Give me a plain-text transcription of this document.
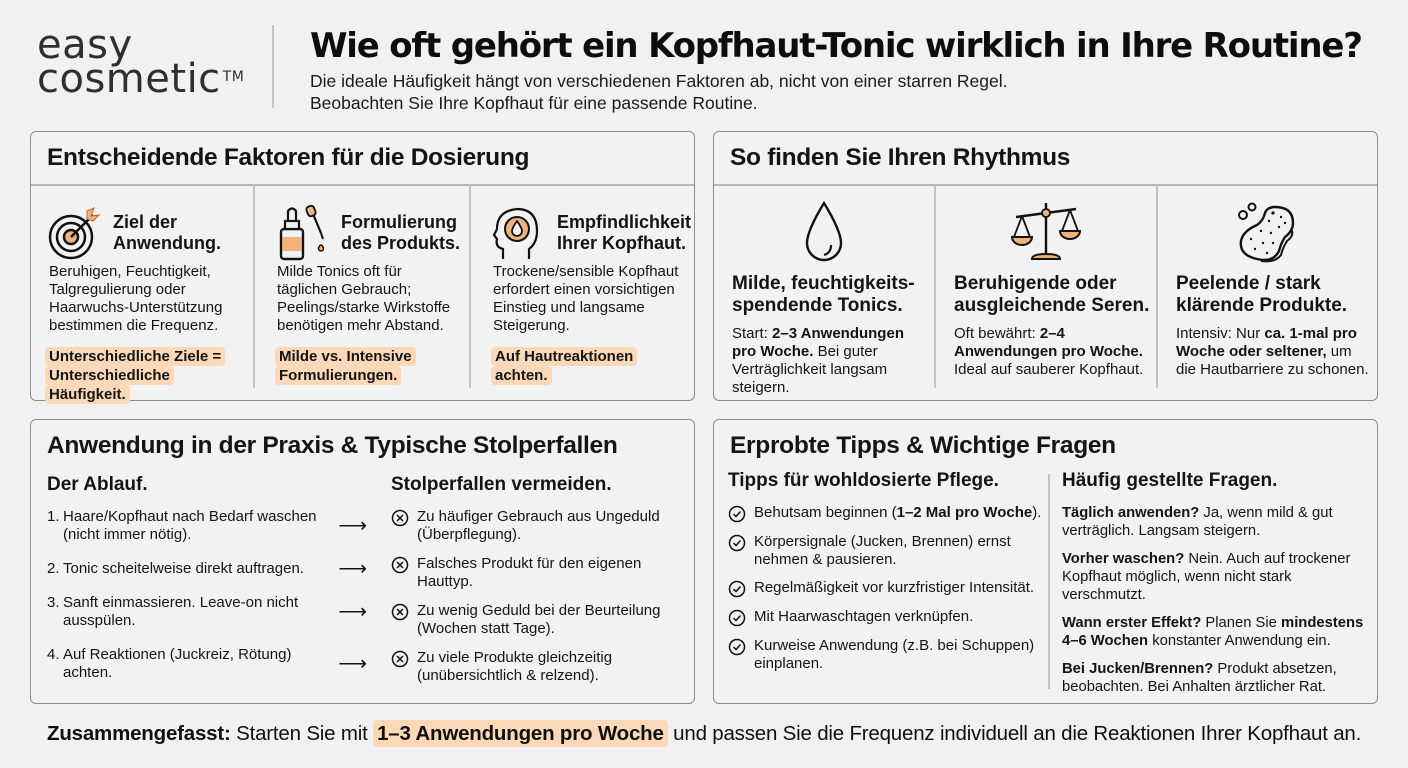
easy
cosmetic ™
Wie oft gehört ein Kopfhaut-Tonic wirklich in Ihre Routine?
Die ideale Häufigkeit hängt von verschiedenen Faktoren ab, nicht von einer starren Regel.
Beobachten Sie Ihre Kopfhaut für eine passende Routine.
Entscheidende Faktoren für die Dosierung
Ziel der
Anwendung.
Beruhigen, Feuchtigkeit, Talgregulierung oder Haarwuchs-Unterstützung bestimmen die Frequenz.
Unterschiedliche Ziele =
Unterschiedliche Häufigkeit.
Formulierung
des Produkts.
Milde Tonics oft für täglichen Gebrauch; Peelings/starke Wirkstoffe benötigen mehr Abstand.
Milde vs. Intensive
Formulierungen.
Empfindlichkeit
Ihrer Kopfhaut.
Trockene/sensible Kopfhaut erfordert einen vorsichtigen Einstieg und langsame Steigerung.
Auf Hautreaktionen
achten.
So finden Sie Ihren Rhythmus
Milde, feuchtigkeits-
spendende Tonics.
Start: 2–3 Anwendungen pro Woche. Bei guter Verträglichkeit langsam steigern.
Beruhigende oder
ausgleichende Seren.
Oft bewährt: 2–4 Anwendungen pro Woche. Ideal auf sauberer Kopfhaut.
Peelende / stark
klärende Produkte.
Intensiv: Nur ca. 1-mal pro Woche oder seltener, um die Hautbarriere zu schonen.
Anwendung in der Praxis & Typische Stolperfallen
Der Ablauf.
1. Haare/Kopfhaut nach Bedarf waschen (nicht immer nötig).	⟶
2. Tonic scheitelweise direkt auftragen. ⟶
3. Sanft einmassieren. Leave-on nicht ausspülen.	⟶
4. Auf Reaktionen (Juckreiz, Rötung) achten.	⟶
Stolperfallen vermeiden.
Zu häufiger Gebrauch aus Ungeduld (Überpflegung).
Falsches Produkt für den eigenen Hauttyp.
Zu wenig Geduld bei der Beurteilung (Wochen statt Tage).
Zu viele Produkte gleichzeitig (unübersichtlich & relzend).
Erprobte Tipps & Wichtige Fragen
Tipps für wohldosierte Pflege.
Behutsam beginnen (1–2 Mal pro Woche).
Körpersignale (Jucken, Brennen) ernst nehmen & pausieren.
Regelmäßigkeit vor kurzfristiger Intensität.
Mit Haarwaschtagen verknüpfen.
Kurweise Anwendung (z.B. bei Schuppen) einplanen.
Häufig gestellte Fragen.
Täglich anwenden? Ja, wenn mild & gut verträglich. Langsam steigern.
Vorher waschen? Nein. Auch auf trockener Kopfhaut möglich, wenn nicht stark verschmutzt.
Wann erster Effekt? Planen Sie mindestens 4–6 Wochen konstanter Anwendung ein.
Bei Jucken/Brennen? Produkt absetzen, beobachten. Bei Anhalten ärztlicher Rat.
Zusammengefasst: Starten Sie mit 1–3 Anwendungen pro Woche und passen Sie die Frequenz individuell an die Reaktionen Ihrer Kopfhaut an.
